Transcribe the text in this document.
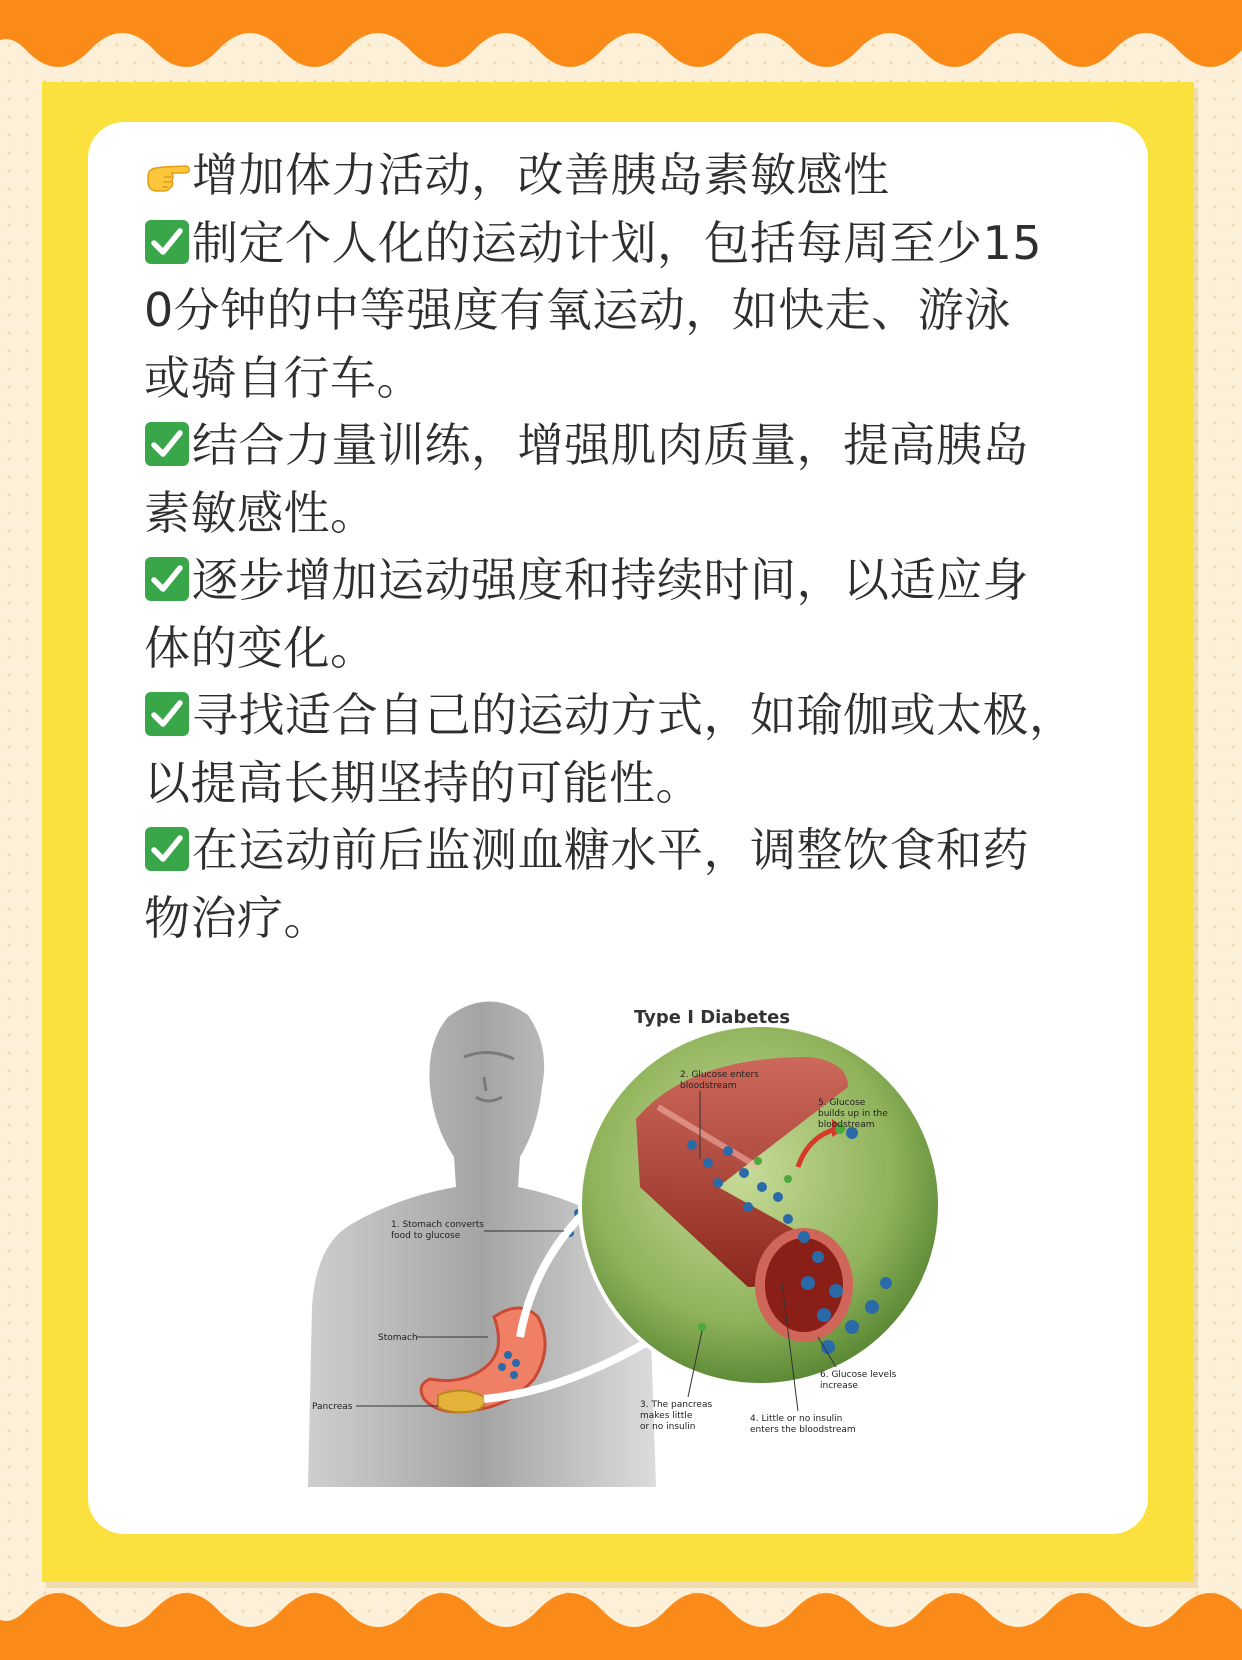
增加体力活动，改善胰岛素敏感性
制定个人化的运动计划，包括每周至少15
0分钟的中等强度有氧运动，如快走、游泳
或骑自行车。
结合力量训练，增强肌肉质量，提高胰岛
素敏感性。
逐步增加运动强度和持续时间，以适应身
体的变化。
寻找适合自己的运动方式，如瑜伽或太极，
以提高长期坚持的可能性。
在运动前后监测血糖水平，调整饮食和药
物治疗。
Type I Diabetes
2. Glucose enters bloodstream
5. Glucose builds up in the bloodstream
1. Stomach converts food to glucose
Stomach
Pancreas	3. The pancreas makes little or no insulin
4. Little or no insulin enters the bloodstream
6. Glucose levels increase
